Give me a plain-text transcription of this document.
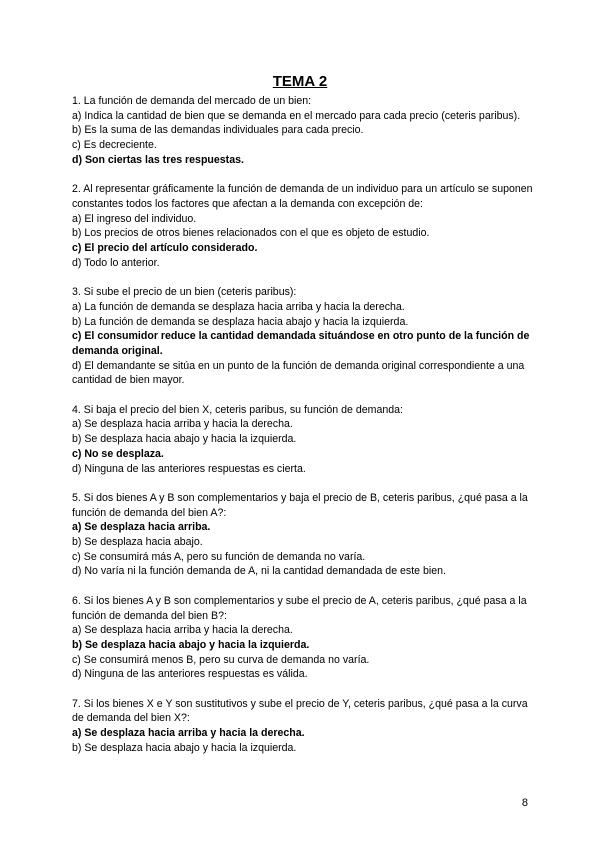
TEMA 2

1. La función de demanda del mercado de un bien:

a) Indica la cantidad de bien que se demanda en el mercado para cada precio (ceteris paribus).

b) Es la suma de las demandas individuales para cada precio.

c) Es decreciente.

d) Son ciertas las tres respuestas.

2. Al representar gráficamente la función de demanda de un individuo para un artículo se suponen constantes todos los factores que afectan a la demanda con excepción de:

a) El ingreso del individuo.

b) Los precios de otros bienes relacionados con el que es objeto de estudio.

c) El precio del artículo considerado.

d) Todo lo anterior.

3. Si sube el precio de un bien (ceteris paribus):

a) La función de demanda se desplaza hacia arriba y hacia la derecha.

b) La función de demanda se desplaza hacia abajo y hacia la izquierda.

c) El consumidor reduce la cantidad demandada situándose en otro punto de la función de demanda original.

d) El demandante se sitúa en un punto de la función de demanda original correspondiente a una cantidad de bien mayor.

4. Si baja el precio del bien X, ceteris paribus, su función de demanda:

a) Se desplaza hacia arriba y hacia la derecha.

b) Se desplaza hacia abajo y hacia la izquierda.

c) No se desplaza.

d) Ninguna de las anteriores respuestas es cierta.

5. Si dos bienes A y B son complementarios y baja el precio de B, ceteris paribus, ¿qué pasa a la función de demanda del bien A?:

a) Se desplaza hacia arriba.

b) Se desplaza hacia abajo.

c) Se consumirá más A, pero su función de demanda no varía.

d) No varía ni la función demanda de A, ni la cantidad demandada de este bien.

6. Si los bienes A y B son complementarios y sube el precio de A, ceteris paribus, ¿qué pasa a la función de demanda del bien B?:

a) Se desplaza hacia arriba y hacia la derecha.

b) Se desplaza hacia abajo y hacia la izquierda.

c) Se consumirá menos B, pero su curva de demanda no varía.

d) Ninguna de las anteriores respuestas es válida.

7. Si los bienes X e Y son sustitutivos y sube el precio de Y, ceteris paribus, ¿qué pasa a la curva de demanda del bien X?:

a) Se desplaza hacia arriba y hacia la derecha.

b) Se desplaza hacia abajo y hacia la izquierda.

8
